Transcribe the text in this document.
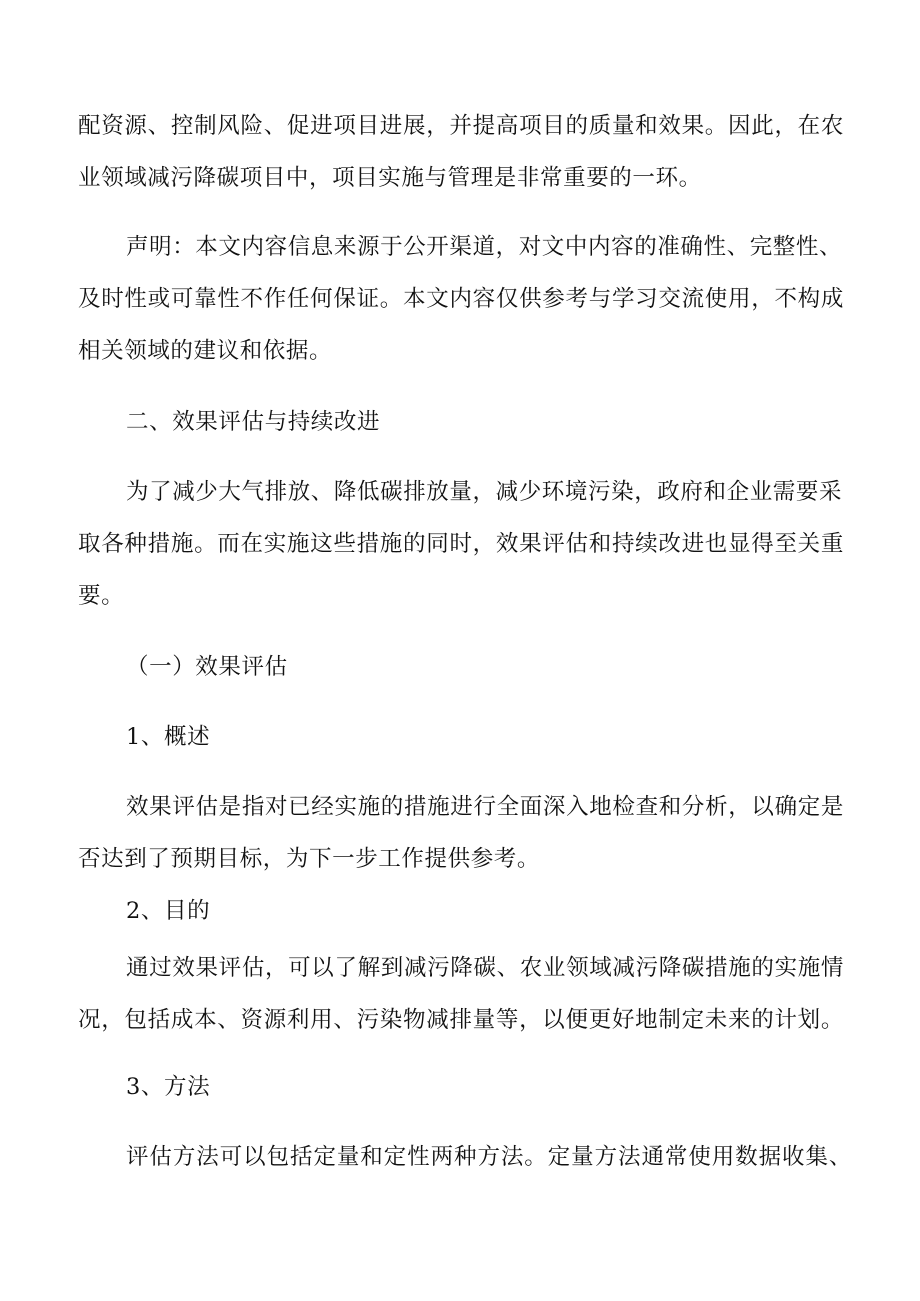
配资源、控制风险、促进项目进展，并提高项目的质量和效果。因此，在农
业领域减污降碳项目中，项目实施与管理是非常重要的一环。
声明：本文内容信息来源于公开渠道，对文中内容的准确性、完整性、
及时性或可靠性不作任何保证。本文内容仅供参考与学习交流使用，不构成
相关领域的建议和依据。
二、效果评估与持续改进
为了减少大气排放、降低碳排放量，减少环境污染，政府和企业需要采
取各种措施。而在实施这些措施的同时，效果评估和持续改进也显得至关重
要。
（一）效果评估
1、概述
效果评估是指对已经实施的措施进行全面深入地检查和分析，以确定是
否达到了预期目标，为下一步工作提供参考。
2、目的
通过效果评估，可以了解到减污降碳、农业领域减污降碳措施的实施情
况，包括成本、资源利用、污染物减排量等，以便更好地制定未来的计划。
3、方法
评估方法可以包括定量和定性两种方法。定量方法通常使用数据收集、
